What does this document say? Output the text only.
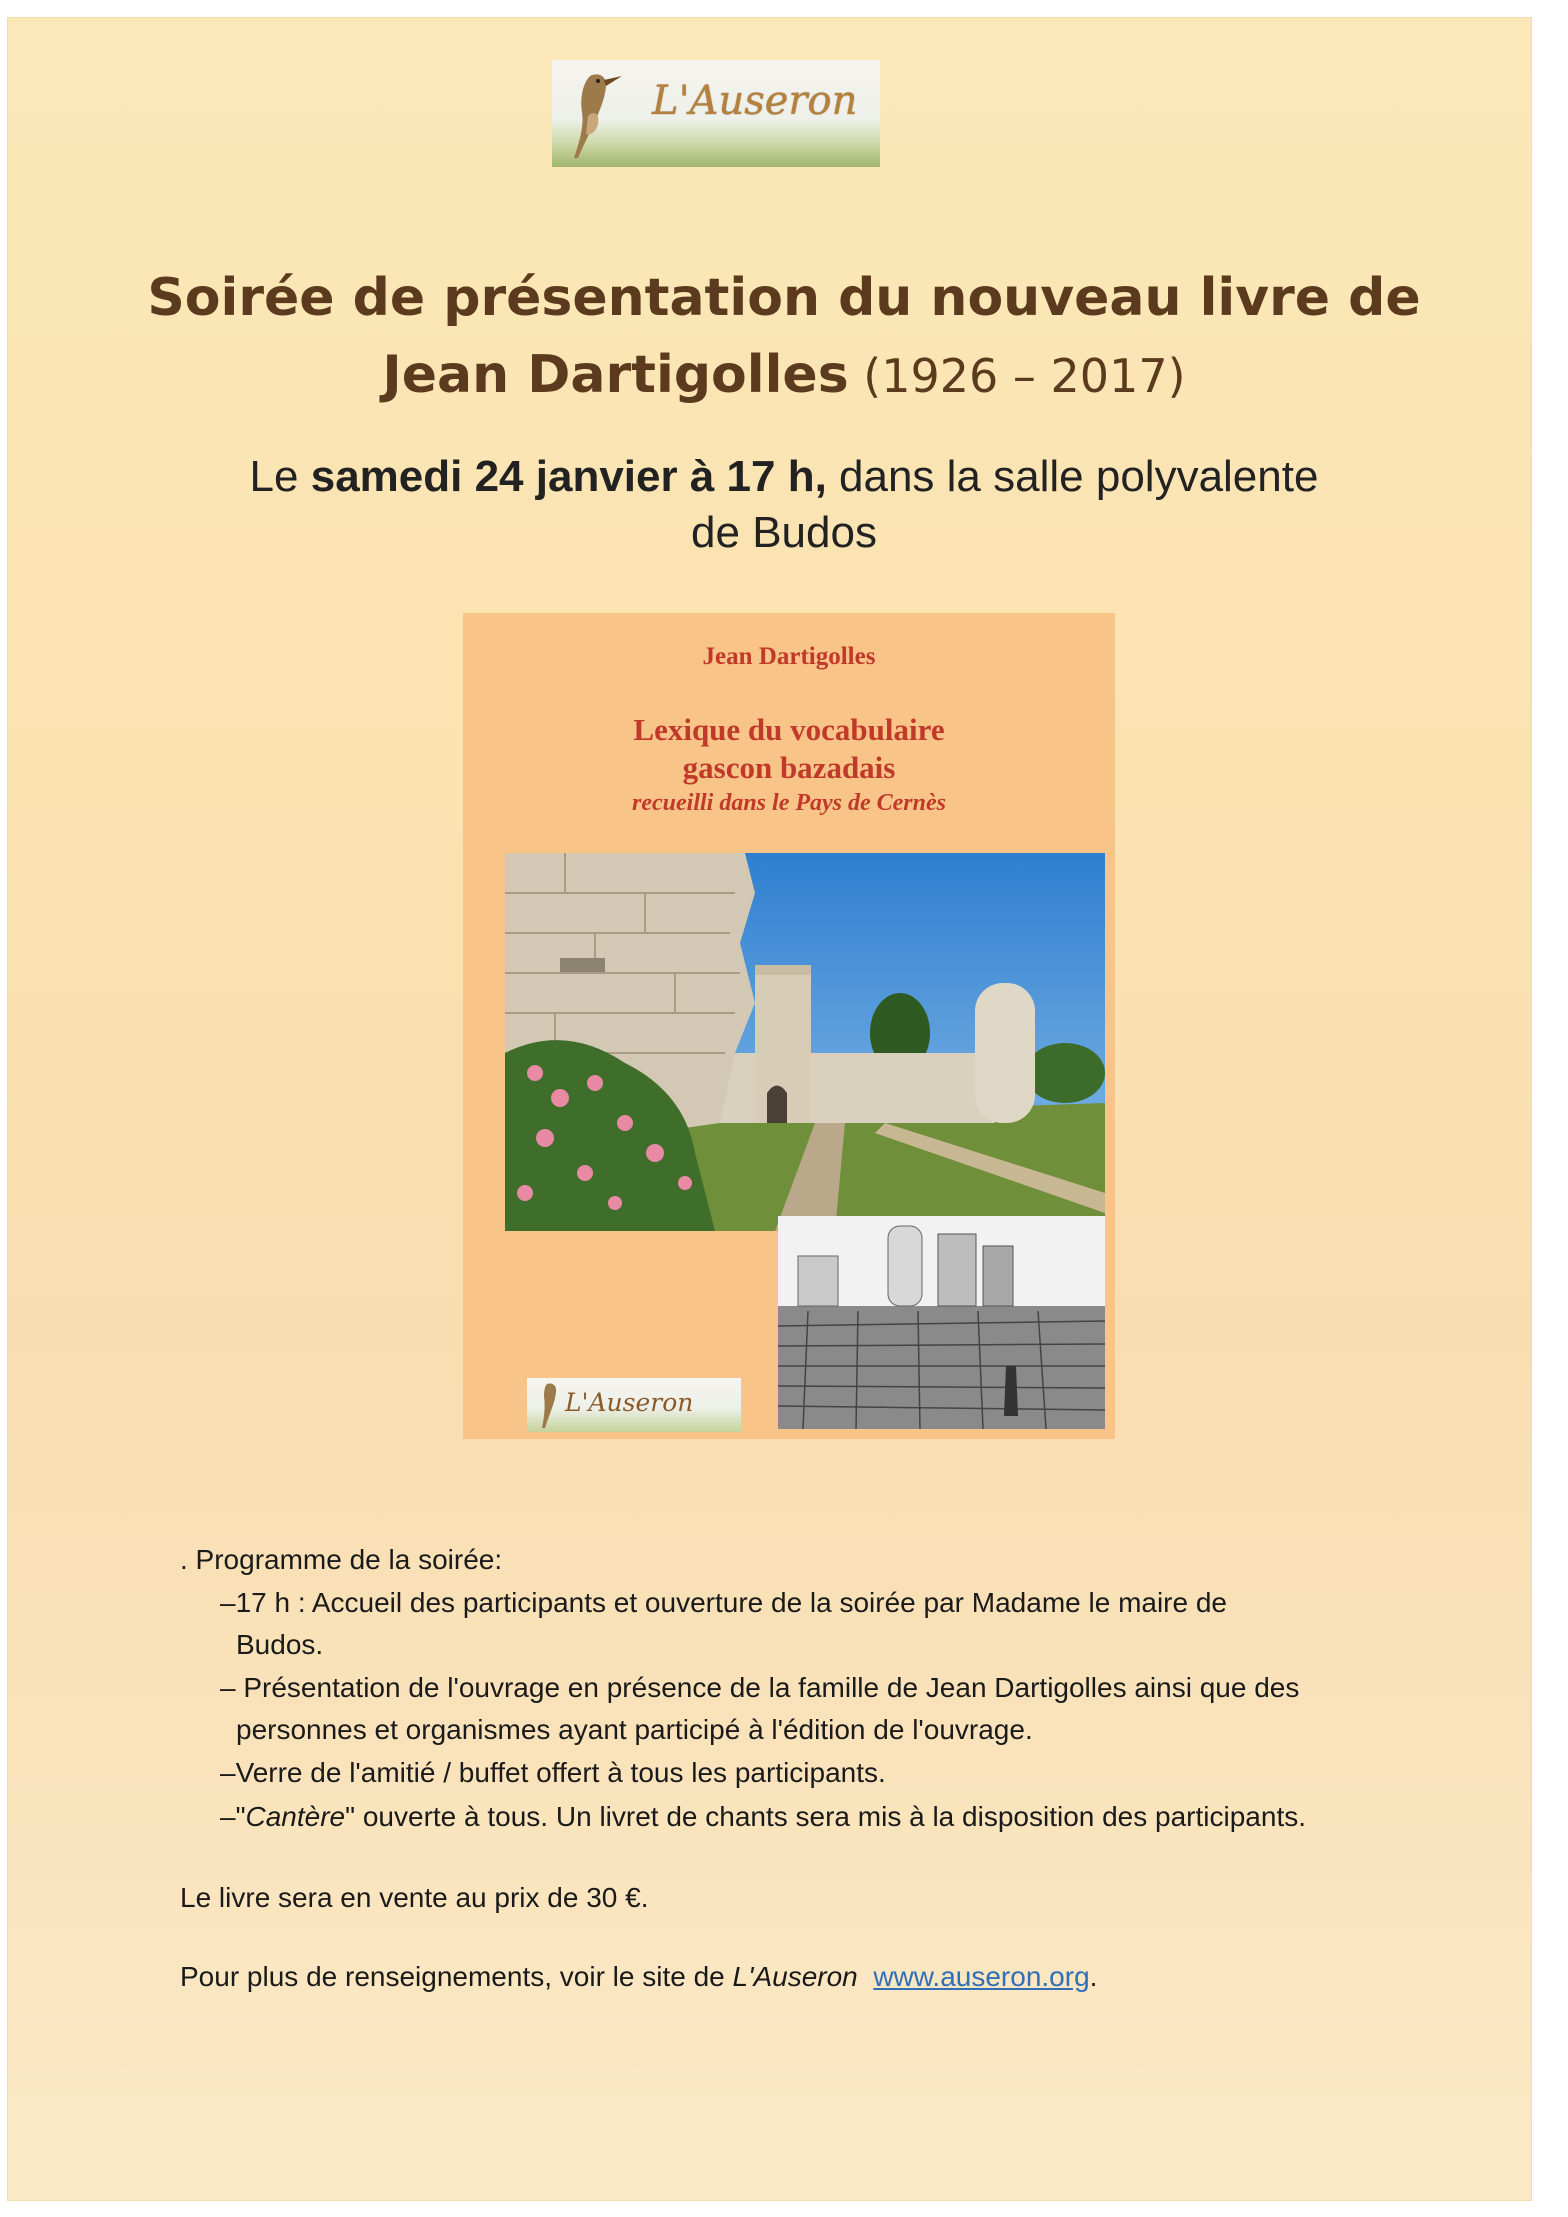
L'Auseron
Soirée de présentation du nouveau livre de
Jean Dartigolles (1926 – 2017)
Le samedi 24 janvier à 17 h, dans la salle polyvalente
de Budos
Jean Dartigolles
Lexique du vocabulaire
gascon bazadais
recueilli dans le Pays de Cernès
L'Auseron
. Programme de la soirée:
–17 h : Accueil des participants et ouverture de la soirée par Madame le maire de
Budos.
– Présentation de l'ouvrage en présence de la famille de Jean Dartigolles ainsi que des
personnes et organismes ayant participé à l'édition de l'ouvrage.
–Verre de l'amitié / buffet offert à tous les participants.
–"Cantère" ouverte à tous. Un livret de chants sera mis à la disposition des participants.
Le livre sera en vente au prix de 30 €.
Pour plus de renseignements, voir le site de L'Auseron www.auseron.org.
